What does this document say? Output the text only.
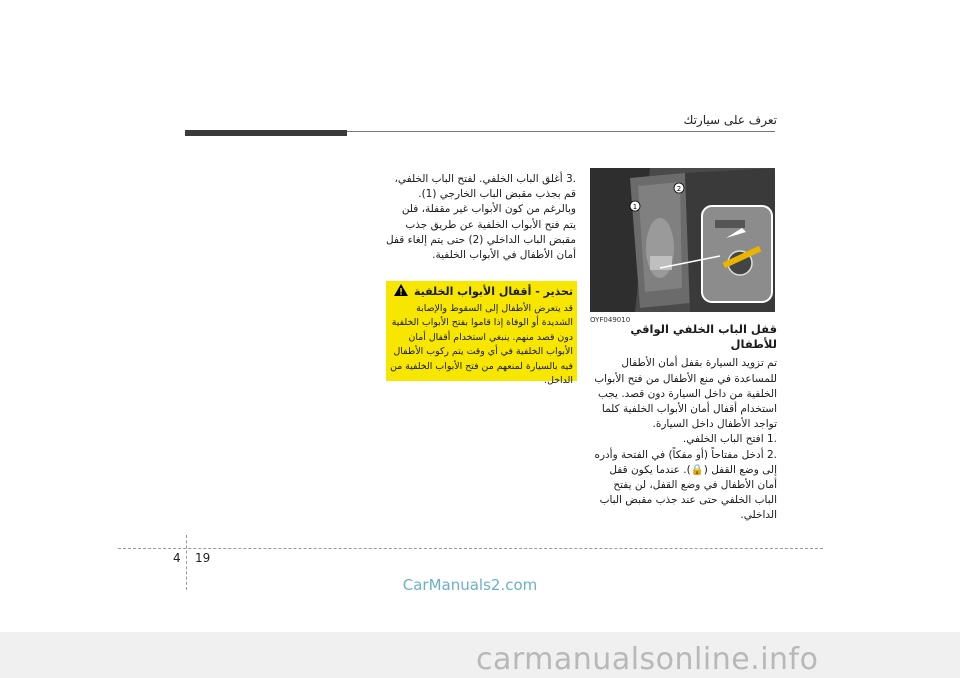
تعرف على سيارتك
1
2
OYF049010
قفل الباب الخلفي الواقي للأطفال

تم تزويد السيارة بقفل أمان الأطفال للمساعدة في منع الأطفال من فتح الأبواب الخلفية من داخل السيارة دون قصد. يجب استخدام أقفال أمان الأبواب الخلفية كلما تواجد الأطفال داخل السيارة.

.1 افتح الباب الخلفي.

.2 أدخل مفتاحاً (أو مفكاً) في الفتحة وأدره إلى وضع القفل (🔒). عندما يكون قفل أمان الأطفال في وضع القفل، لن يفتح الباب الخلفي حتى عند جذب مقبض الباب الداخلي.

.3 أغلق الباب الخلفي. لفتح الباب الخلفي، قم بجذب مقبض الباب الخارجي (1).

وبالرغم من كون الأبواب غير مقفلة، فلن يتم فتح الأبواب الخلفية عن طريق جذب مقبض الباب الداخلي (2) حتى يتم إلغاء قفل أمان الأطفال في الأبواب الخلفية.

تحذير - أقفال الأبواب الخلفية
قد يتعرض الأطفال إلى السقوط والإصابة الشديدة أو الوفاة إذا قاموا بفتح الأبواب الخلفية دون قصد منهم. ينبغي استخدام أقفال أمان الأبواب الخلفية في أي وقت يتم ركوب الأطفال فيه بالسيارة لمنعهم من فتح الأبواب الخلفية من الداخل.
4 19
CarManuals2.com
carmanualsonline.info
